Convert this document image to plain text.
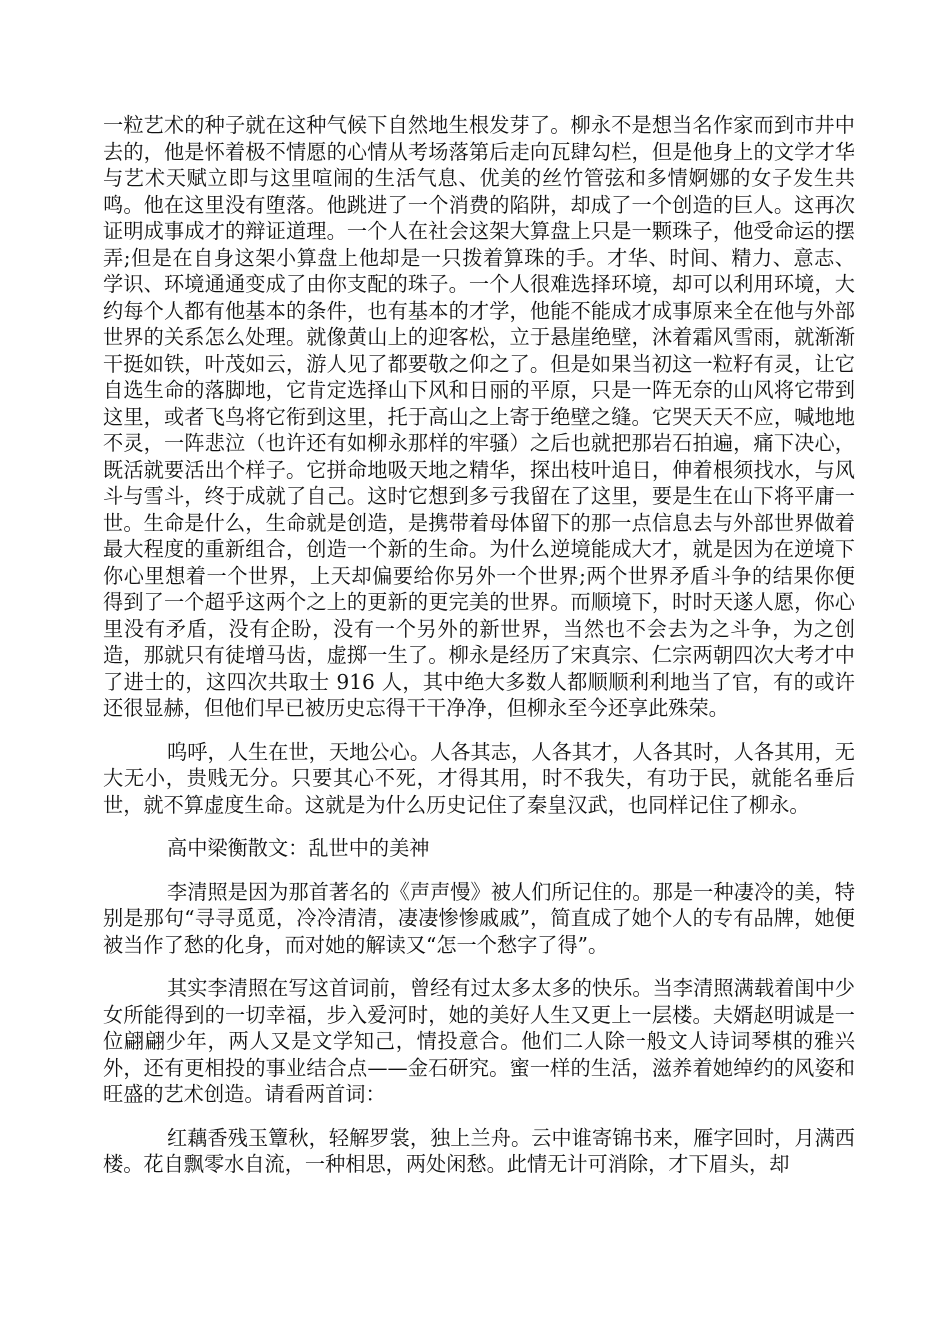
一粒艺术的种子就在这种气候下自然地生根发芽了。柳永不是想当名作家而到市井中去的，他是怀着极不情愿的心情从考场落第后走向瓦肆勾栏，但是他身上的文学才华与艺术天赋立即与这里喧闹的生活气息、优美的丝竹管弦和多情婀娜的女子发生共鸣。他在这里没有堕落。他跳进了一个消费的陷阱，却成了一个创造的巨人。这再次证明成事成才的辩证道理。一个人在社会这架大算盘上只是一颗珠子，他受命运的摆弄;但是在自身这架小算盘上他却是一只拨着算珠的手。才华、时间、精力、意志、学识、环境通通变成了由你支配的珠子。一个人很难选择环境，却可以利用环境，大约每个人都有他基本的条件，也有基本的才学，他能不能成才成事原来全在他与外部世界的关系怎么处理。就像黄山上的迎客松，立于悬崖绝壁，沐着霜风雪雨，就渐渐干挺如铁，叶茂如云，游人见了都要敬之仰之了。但是如果当初这一粒籽有灵，让它自选生命的落脚地，它肯定选择山下风和日丽的平原，只是一阵无奈的山风将它带到这里，或者飞鸟将它衔到这里，托于高山之上寄于绝壁之缝。它哭天天不应，喊地地不灵，一阵悲泣（也许还有如柳永那样的牢骚）之后也就把那岩石拍遍，痛下决心，既活就要活出个样子。它拼命地吸天地之精华，探出枝叶追日，伸着根须找水，与风斗与雪斗，终于成就了自己。这时它想到多亏我留在了这里，要是生在山下将平庸一世。生命是什么，生命就是创造，是携带着母体留下的那一点信息去与外部世界做着最大程度的重新组合，创造一个新的生命。为什么逆境能成大才，就是因为在逆境下你心里想着一个世界，上天却偏要给你另外一个世界;两个世界矛盾斗争的结果你便得到了一个超乎这两个之上的更新的更完美的世界。而顺境下，时时天遂人愿，你心里没有矛盾，没有企盼，没有一个另外的新世界，当然也不会去为之斗争，为之创造，那就只有徒增马齿，虚掷一生了。柳永是经历了宋真宗、仁宗两朝四次大考才中了进士的，这四次共取士 916 人，其中绝大多数人都顺顺利利地当了官，有的或许还很显赫，但他们早已被历史忘得干干净净，但柳永至今还享此殊荣。

呜呼，人生在世，天地公心。人各其志，人各其才，人各其时，人各其用，无大无小，贵贱无分。只要其心不死，才得其用，时不我失，有功于民，就能名垂后世，就不算虚度生命。这就是为什么历史记住了秦皇汉武，也同样记住了柳永。

高中梁衡散文：乱世中的美神

李清照是因为那首著名的《声声慢》被人们所记住的。那是一种凄冷的美，特别是那句“寻寻觅觅，冷冷清清，凄凄惨惨戚戚”，简直成了她个人的专有品牌，她便被当作了愁的化身，而对她的解读又“怎一个愁字了得”。

其实李清照在写这首词前，曾经有过太多太多的快乐。当李清照满载着闺中少女所能得到的一切幸福，步入爱河时，她的美好人生又更上一层楼。夫婿赵明诚是一位翩翩少年，两人又是文学知己，情投意合。他们二人除一般文人诗词琴棋的雅兴外，还有更相投的事业结合点——金石研究。蜜一样的生活，滋养着她绰约的风姿和旺盛的艺术创造。请看两首词：

红藕香残玉簟秋，轻解罗裳，独上兰舟。云中谁寄锦书来，雁字回时，月满西楼。花自飘零水自流，一种相思，两处闲愁。此情无计可消除，才下眉头，却
